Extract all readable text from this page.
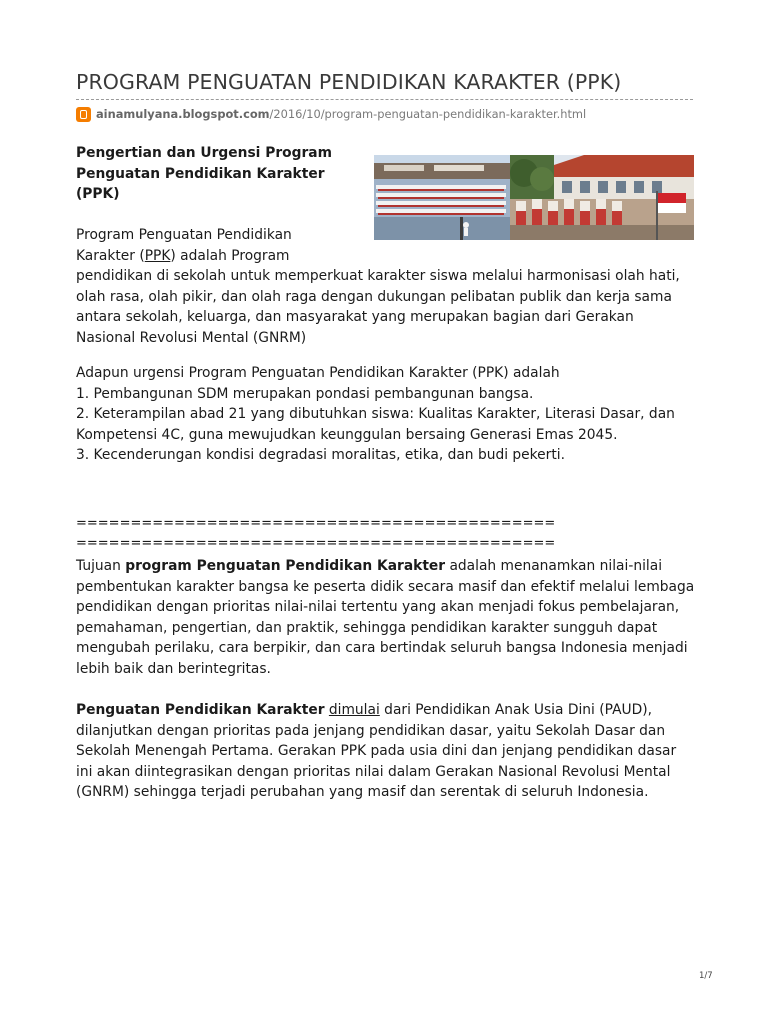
PROGRAM PENGUATAN PENDIDIKAN KARAKTER (PPK)
ainamulyana.blogspot.com /2016/10/program-penguatan-pendidikan-karakter.html
Pengertian dan Urgensi Program
Penguatan Pendidikan Karakter
(PPK)
Program Penguatan Pendidikan
Karakter (PPK) adalah Program
pendidikan di sekolah untuk memperkuat karakter siswa melalui harmonisasi olah hati,
olah rasa, olah pikir, dan olah raga dengan dukungan pelibatan publik dan kerja sama
antara sekolah, keluarga, dan masyarakat yang merupakan bagian dari Gerakan
Nasional Revolusi Mental (GNRM)
Adapun urgensi Program Penguatan Pendidikan Karakter (PPK) adalah
1. Pembangunan SDM merupakan pondasi pembangunan bangsa.
2. Keterampilan abad 21 yang dibutuhkan siswa: Kualitas Karakter, Literasi Dasar, dan
Kompetensi 4C, guna mewujudkan keunggulan bersaing Generasi Emas 2045.
3. Kecenderungan kondisi degradasi moralitas, etika, dan budi pekerti.
============================================
============================================
Tujuan program Penguatan Pendidikan Karakter adalah menanamkan nilai-nilai
pembentukan karakter bangsa ke peserta didik secara masif dan efektif melalui lembaga
pendidikan dengan prioritas nilai-nilai tertentu yang akan menjadi fokus pembelajaran,
pemahaman, pengertian, dan praktik, sehingga pendidikan karakter sungguh dapat
mengubah perilaku, cara berpikir, dan cara bertindak seluruh bangsa Indonesia menjadi
lebih baik dan berintegritas.
Penguatan Pendidikan Karakter dimulai dari Pendidikan Anak Usia Dini (PAUD),
dilanjutkan dengan prioritas pada jenjang pendidikan dasar, yaitu Sekolah Dasar dan
Sekolah Menengah Pertama. Gerakan PPK pada usia dini dan jenjang pendidikan dasar
ini akan diintegrasikan dengan prioritas nilai dalam Gerakan Nasional Revolusi Mental
(GNRM) sehingga terjadi perubahan yang masif dan serentak di seluruh Indonesia.
1/7
